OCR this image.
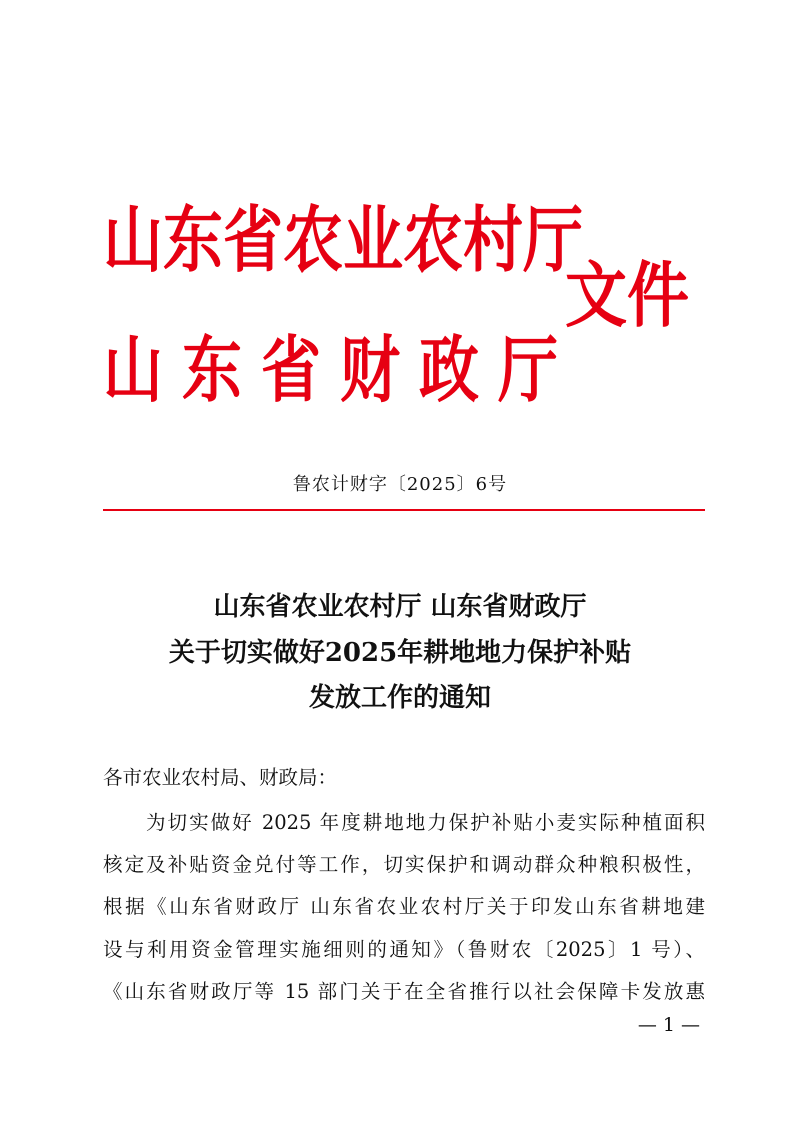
山东省农业农村厅
山东省财政厅
文件
鲁农计财字〔2025〕6号
山东省农业农村厅 山东省财政厅
关于切实做好2025年耕地地力保护补贴
发放工作的通知
各市农业农村局、财政局：
　　为切实做好 2025 年度耕地地力保护补贴小麦实际种植面积
核定及补贴资金兑付等工作，切实保护和调动群众种粮积极性，
根据《山东省财政厅 山东省农业农村厅关于印发山东省耕地建
设与利用资金管理实施细则的通知》（鲁财农〔2025〕1 号）、
《山东省财政厅等 15 部门关于在全省推行以社会保障卡发放惠
— 1 —
